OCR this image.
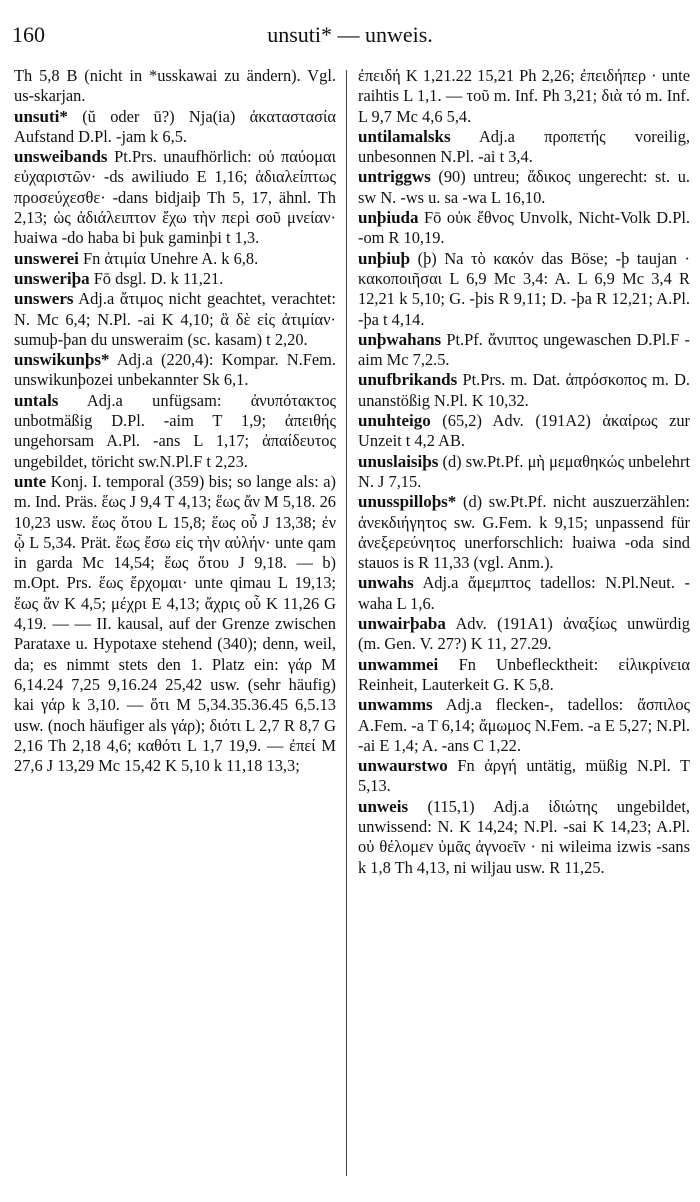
160	unsuti* — unweis.
Th 5,8 B (nicht in *usskawai zu ändern). Vgl. us-skarjan.
unsuti* (ŭ oder ū?) Nja(ia) ἀκαταστασία Aufstand D.Pl. -jam k 6,5.
unsweibands Pt.Prs. unaufhörlich: οὐ παύομαι εὐχαριστῶν· -ds awiliudo E 1,16; ἀδιαλείπτως προσεύχεσθε· -dans bidjaiþ Th 5, 17, ähnl. Th 2,13; ὡς ἀδιάλειπτον ἔχω τὴν περὶ σοῦ μνείαν· ƕaiwa -do haba bi þuk gaminþi t 1,3.
unswerei Fn ἀτιμία Unehre A. k 6,8.
unsweriþa Fō dsgl. D. k 11,21.
unswers Adj.a ἄτιμος nicht geachtet, verachtet: N. Mc 6,4; N.Pl. -ai K 4,10; ἃ δὲ εἰς ἀτιμίαν· sumuþ-þan du unsweraim (sc. kasam) t 2,20.
unswikunþs* Adj.a (220,4): Kompar. N.Fem. unswikunþozei unbekannter Sk 6,1.
untals Adj.a unfügsam: ἀνυπότακτος unbotmäßig D.Pl. -aim T 1,9; ἀπειθής ungehorsam A.Pl. -ans L 1,17; ἀπαίδευτος ungebildet, töricht sw.N.Pl.F t 2,23.
unte Konj. I. temporal (359) bis; so lange als: a) m. Ind. Präs. ἕως J 9,4 T 4,13; ἕως ἄν M 5,18. 26 10,23 usw. ἕως ὅτου L 15,8; ἕως οὗ J 13,38; ἐν ᾧ L 5,34. Prät. ἕως ἔσω εἰς τὴν αὐλήν· unte qam in garda Mc 14,54; ἕως ὅτου J 9,18. — b) m.Opt. Prs. ἕως ἔρχομαι· unte qimau L 19,13; ἕως ἄν K 4,5; μέχρι E 4,13; ἄχρις οὗ K 11,26 G 4,19. — — II. kausal, auf der Grenze zwischen Parataxe u. Hypotaxe stehend (340); denn, weil, da; es nimmt stets den 1. Platz ein: γάρ M 6,14.24 7,25 9,16.24 25,42 usw. (sehr häufig) kai γάρ k 3,10. — ὅτι M 5,34.35.36.45 6,5.13 usw. (noch häufiger als γάρ); διότι L 2,7 R 8,7 G 2,16 Th 2,18 4,6; καθότι L 1,7 19,9. — ἐπεί M 27,6 J 13,29 Mc 15,42 K 5,10 k 11,18 13,3;
ἐπειδή K 1,21.22 15,21 Ph 2,26; ἐπειδήπερ · unte raihtis L 1,1. — τοῦ m. Inf. Ph 3,21; διὰ τό m. Inf. L 9,7 Mc 4,6 5,4.
untilamalsks Adj.a προπετής voreilig, unbesonnen N.Pl. -ai t 3,4.
untriggws (90) untreu; ἄδικος ungerecht: st. u. sw N. -ws u. sa -wa L 16,10.
unþiuda Fō οὐκ ἔθνος Unvolk, Nicht-Volk D.Pl. -om R 10,19.
unþiuþ (þ) Na τὸ κακόν das Böse; -þ taujan · κακοποιῆσαι L 6,9 Mc 3,4: A. L 6,9 Mc 3,4 R 12,21 k 5,10; G. -þis R 9,11; D. -þa R 12,21; A.Pl. -þa t 4,14.
unþwahans Pt.Pf. ἄνιπτος ungewaschen D.Pl.F -aim Mc 7,2.5.
unufbrikands Pt.Prs. m. Dat. ἀπρόσκοπος m. D. unanstößig N.Pl. K 10,32.
unuhteigo (65,2) Adv. (191A2) ἀκαίρως zur Unzeit t 4,2 AB.
unuslaisiþs (d) sw.Pt.Pf. μὴ μεμαθηκώς unbelehrt N. J 7,15.
unusspilloþs* (d) sw.Pt.Pf. nicht auszuerzählen: ἀνεκδιήγητος sw. G.Fem. k 9,15; unpassend für ἀνεξερεύνητος unerforschlich: ƕaiwa -oda sind stauos is R 11,33 (vgl. Anm.).
unwahs Adj.a ἄμεμπτος tadellos: N.Pl.Neut. -waha L 1,6.
unwairþaba Adv. (191A1) ἀναξίως unwürdig (m. Gen. V. 27?) K 11, 27.29.
unwammei Fn Unbeflecktheit: εἰλικρίνεια Reinheit, Lauterkeit G. K 5,8.
unwamms Adj.a flecken-, tadellos: ἄσπιλος A.Fem. -a T 6,14; ἄμωμος N.Fem. -a E 5,27; N.Pl. -ai E 1,4; A. -ans C 1,22.
unwaurstwo Fn ἀργή untätig, müßig N.Pl. T 5,13.
unweis (115,1) Adj.a ἰδιώτης ungebildet, unwissend: N. K 14,24; N.Pl. -sai K 14,23; A.Pl. οὐ θέλομεν ὑμᾶς ἀγνοεῖν · ni wileima izwis -sans k 1,8 Th 4,13, ni wiljau usw. R 11,25.
